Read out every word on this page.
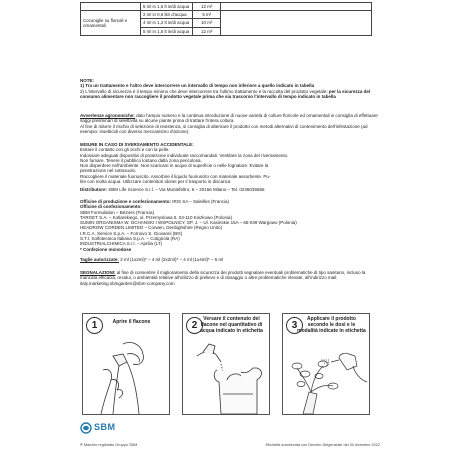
	5 ml in 1,5 lt in/di acqua	12 m²	
Coconiglie su floreali e ornamentali	2 ml in 0,6 litri d'acqua	5 m²	
	4 ml in 1,2 lt in/di acqua	10 m²	
	5 ml in 1,5 lt in/di acqua	12 m²	

NOTE:

1) Tra un trattamento e l'altro deve intercorrere un intervallo di tempo non inferiore a quello indicato in tabella

2) L'intervallo di sicurezza è il tempo minimo che deve intercorrere tra l'ultimo trattamento e la raccolta del prodotto vegetale; per la sicurezza del consumo alimentare non raccogliere il prodotto vegetale prima che sia trascorso l'intervallo di tempo indicato in tabella

Avvertenze agronomiche: dato l'ampio numero e la continua introduzione di nuove varietà di colture floricole ed ornamentali si consiglia di effettuare saggi preliminari di selettività su alcune piante prima di trattare l'intera coltura.

Al fine di ridurre il rischio di selezione di resistenza, si consiglia di alternare il prodotto con metodi alternativi di contenimento dell'infestazione (ad esempio: insetticidi con diverso meccanismo d'azione).

MISURE IN CASO DI SVERSAMENTO ACCIDENTALE:

Evitare il contatto con gli occhi e con la pelle.

Indossare adeguati dispositivi di protezione individuale raccomandati. Ventilare la zona del riversamento.

Non fumare. Tenere il pubblico lontano dalla zona pericolosa.

Non disperdere nell'ambiente. Non scaricare in acque di superficie o nelle fognature. Evitare la

penetrazione nel sottosuolo.

Raccogliere il materiale fuoriuscito. Assorbire il liquido fuoriuscito con materiale assorbente. Pu-

lire con molta acqua. Utilizzare contenitori idonei per il trasporto in discarica

Distributore: SBM Life Science S.r.l. – Via Montefeltro, 6 – 20156 Milano – Tel. 0236036856

Officine di produzione e confezionamento: IRIS SA – Saleilles (Francia)

Officine di confezionamento:

SBM Formulation – Béziers (Francia)

TARGET S.A. – Kotlarskiego, ul. Przemyslowa 5, 04-110 Kiszkowo (Polonia)

SUMIN ORGANISMA W. OCHANSKI I WSPOLNICY, SP. J. – Ul. Kasinskie 15A – 65-049 Wargowo (Polonia)

HEADROW CORDEN LIMITED – Corwen, Denbighshire (Regno Unito)

I.R.C.A. Service S.p.A. – Fornovo S. Giovanni (BG)

S.T.I. Solfotecnica Italiana S.p.A. – Cotignola (RA)

INDUSTRIALCHIMICA S.r.l. – Aprilia (LT)

* Confezione monodose

Taglie autorizzate: 2 ml (1x2ml)* – 4 ml (2x2ml)* – 4 ml (1x4ml)* – 5 ml

SEGNALAZIONI: al fine di consentire il miglioramento della sicurezza dei prodotti segnalare eventuali problematiche di tipo sanitario, incluso la mancata efficacia, residui, o ambientali relative all'utilizzo di prelievo e di dosaggio o altre problematiche rilevate, all'indirizzo mail: italy.marketing.sbmgarden@sbm-company.com

1	Aprire il flacone	2
Versare il contenuto del flacone nel quantitativo di acqua indicato in etichetta	3
Applicare il prodotto secondo le dosi e le modalità indicate in etichetta
SBM
® Marchio registrato Gruppo SBM	Etichetta autorizzata con Decreto Dirigenziale del 30 dicembre 2022
